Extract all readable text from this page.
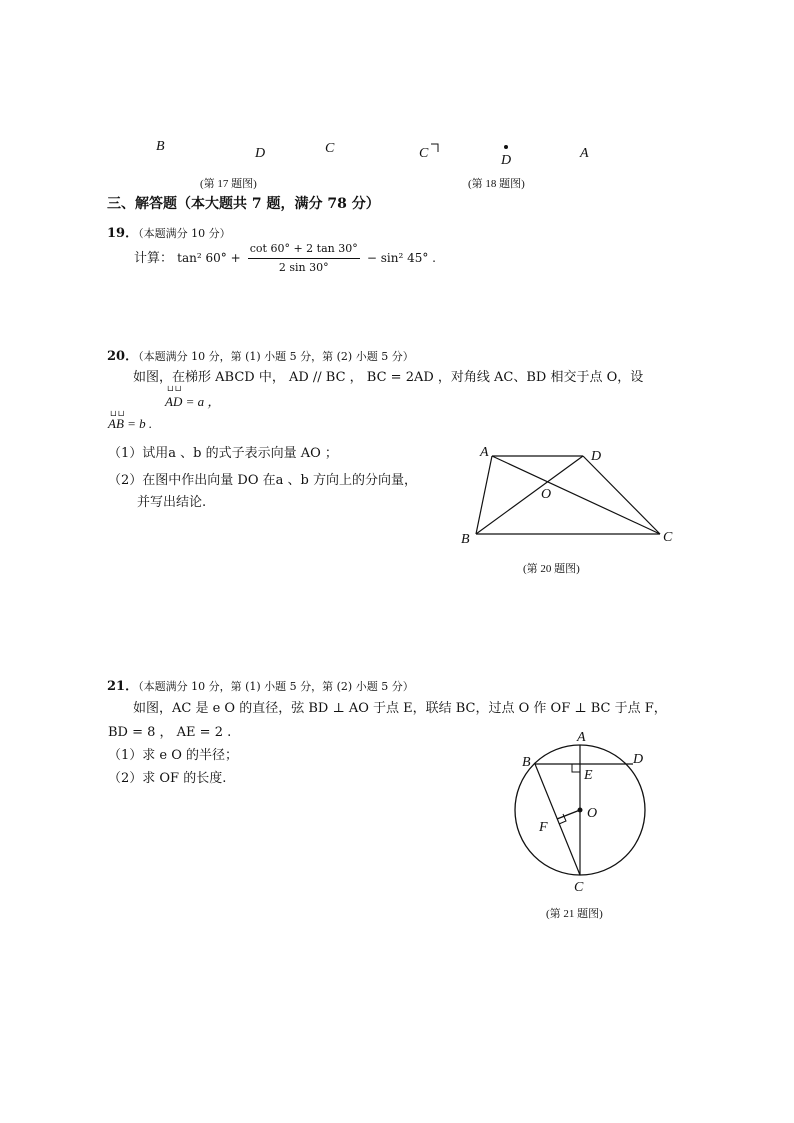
B	D	C
(第 17 题图)
C	D	A
(第 18 题图)
三、解答题（本大题共 7 题，满分 78 分）
19．（本题满分 10 分）
计算： tan² $60^\circ + \frac{\cot 60^\circ + 2 \tan 30^\circ}{2 \sin 30^\circ} - \sin^2$ 45° .
20．（本题满分 10 分，第 (1) 小题 5 分，第 (2) 小题 5 分）
如图，在梯形 ABCD 中， AD // BC ， BC = 2AD ，对角线 AC、BD 相交于点 O，设
⊔⊔
AD = a ，
⊔⊔
AB = b .
（1）试用a 、b 的式子表示向量 AO ；
（2）在图中作出向量 DO 在a 、b 方向上的分向量，
并写出结论.
A	D
O
B	C
(第 20 题图)
21．（本题满分 10 分，第 (1) 小题 5 分，第 (2) 小题 5 分）
如图，AC 是 e O 的直径，弦 BD ⊥ AO 于点 E，联结 BC，过点 O 作 OF ⊥ BC 于点 F，
BD = 8 ， AE = 2 .
（1）求 e O 的半径；
（2）求 OF 的长度.
A
D
B
E
O
F
C
(第 21 题图)
